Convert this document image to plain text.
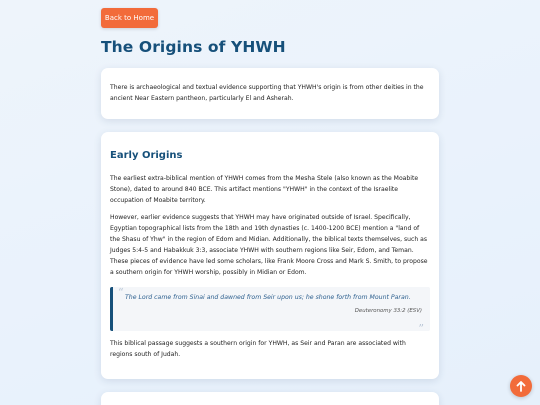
Back to Home
The Origins of YHWH

There is archaeological and textual evidence supporting that YHWH's origin is from other deities in the ancient Near Eastern pantheon, particularly El and Asherah.

Early Origins

The earliest extra-biblical mention of YHWH comes from the Mesha Stele (also known as the Moabite Stone), dated to around 840 BCE. This artifact mentions "YHWH" in the context of the Israelite occupation of Moabite territory.

However, earlier evidence suggests that YHWH may have originated outside of Israel. Specifically, Egyptian topographical lists from the 18th and 19th dynasties (c. 1400-1200 BCE) mention a "land of the Shasu of Yhw" in the region of Edom and Midian. Additionally, the biblical texts themselves, such as Judges 5:4-5 and Habakkuk 3:3, associate YHWH with southern regions like Seir, Edom, and Teman. These pieces of evidence have led some scholars, like Frank Moore Cross and Mark S. Smith, to propose a southern origin for YHWH worship, possibly in Midian or Edom.

“ The Lord came from Sinai and dawned from Seir upon us; he shone forth from Mount Paran.
Deuteronomy 33:2 (ESV)
”

This biblical passage suggests a southern origin for YHWH, as Seir and Paran are associated with regions south of Judah.
